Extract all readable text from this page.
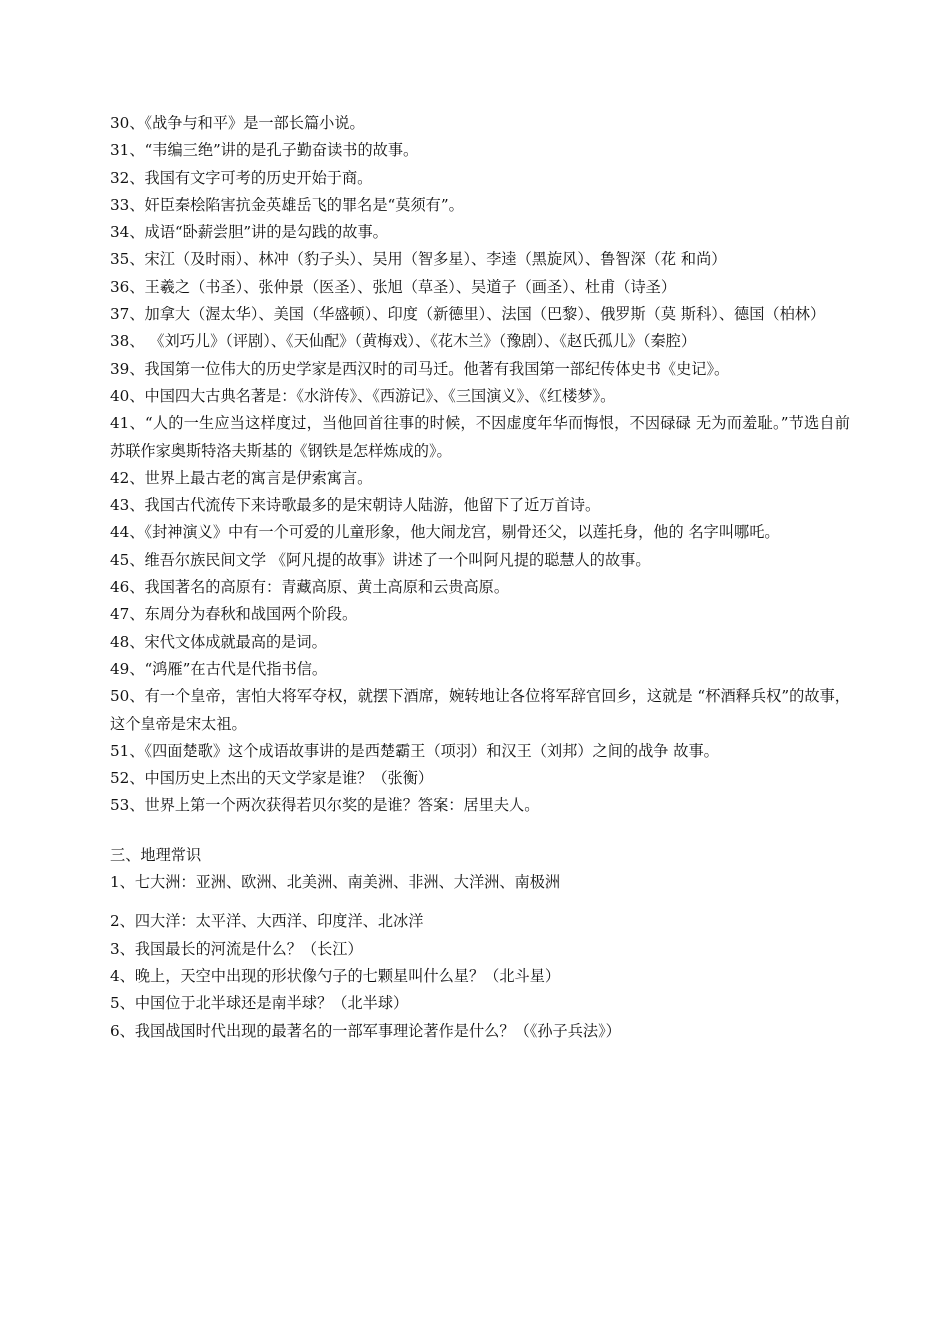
30、《战争与和平》是一部长篇小说。
31、“韦编三绝”讲的是孔子勤奋读书的故事。
32、我国有文字可考的历史开始于商。
33、奸臣秦桧陷害抗金英雄岳飞的罪名是“莫须有”。
34、成语“卧薪尝胆”讲的是勾践的故事。
35、宋江（及时雨）、林冲（豹子头）、吴用（智多星）、李逵（黑旋风）、鲁智深（花 和尚）
36、王羲之（书圣）、张仲景（医圣）、张旭（草圣）、吴道子（画圣）、杜甫（诗圣）
37、加拿大（渥太华）、美国（华盛顿）、印度（新德里）、法国（巴黎）、俄罗斯（莫 斯科）、德国（柏林）
38、 《刘巧儿》（评剧）、《天仙配》（黄梅戏）、《花木兰》（豫剧）、《赵氏孤儿》（秦腔）
39、我国第一位伟大的历史学家是西汉时的司马迁。他著有我国第一部纪传体史书《史记》。
40、中国四大古典名著是：《水浒传》、《西游记》、《三国演义》、《红楼梦》。
41、“人的一生应当这样度过，当他回首往事的时候，不因虚度年华而悔恨，不因碌碌 无为而羞耻。”节选自前苏联作家奥斯特洛夫斯基的《钢铁是怎样炼成的》。
42、世界上最古老的寓言是伊索寓言。
43、我国古代流传下来诗歌最多的是宋朝诗人陆游，他留下了近万首诗。
44、《封神演义》中有一个可爱的儿童形象，他大闹龙宫，剔骨还父，以莲托身，他的 名字叫哪吒。
45、维吾尔族民间文学 《阿凡提的故事》讲述了一个叫阿凡提的聪慧人的故事。
46、我国著名的高原有：青藏高原、黄土高原和云贵高原。
47、东周分为春秋和战国两个阶段。
48、宋代文体成就最高的是词。
49、“鸿雁”在古代是代指书信。
50、有一个皇帝，害怕大将军夺权，就摆下酒席，婉转地让各位将军辞官回乡，这就是 “杯酒释兵权”的故事，这个皇帝是宋太祖。
51、《四面楚歌》这个成语故事讲的是西楚霸王（项羽）和汉王（刘邦）之间的战争 故事。
52、中国历史上杰出的天文学家是谁？（张衡）
53、世界上第一个两次获得若贝尔奖的是谁？答案：居里夫人。
三、地理常识
1、七大洲：亚洲、欧洲、北美洲、南美洲、非洲、大洋洲、南极洲
2、四大洋：太平洋、大西洋、印度洋、北冰洋
3、我国最长的河流是什么？（长江）
4、晚上，天空中出现的形状像勺子的七颗星叫什么星？（北斗星）
5、中国位于北半球还是南半球？（北半球）
6、我国战国时代出现的最著名的一部军事理论著作是什么？（《孙子兵法》）
